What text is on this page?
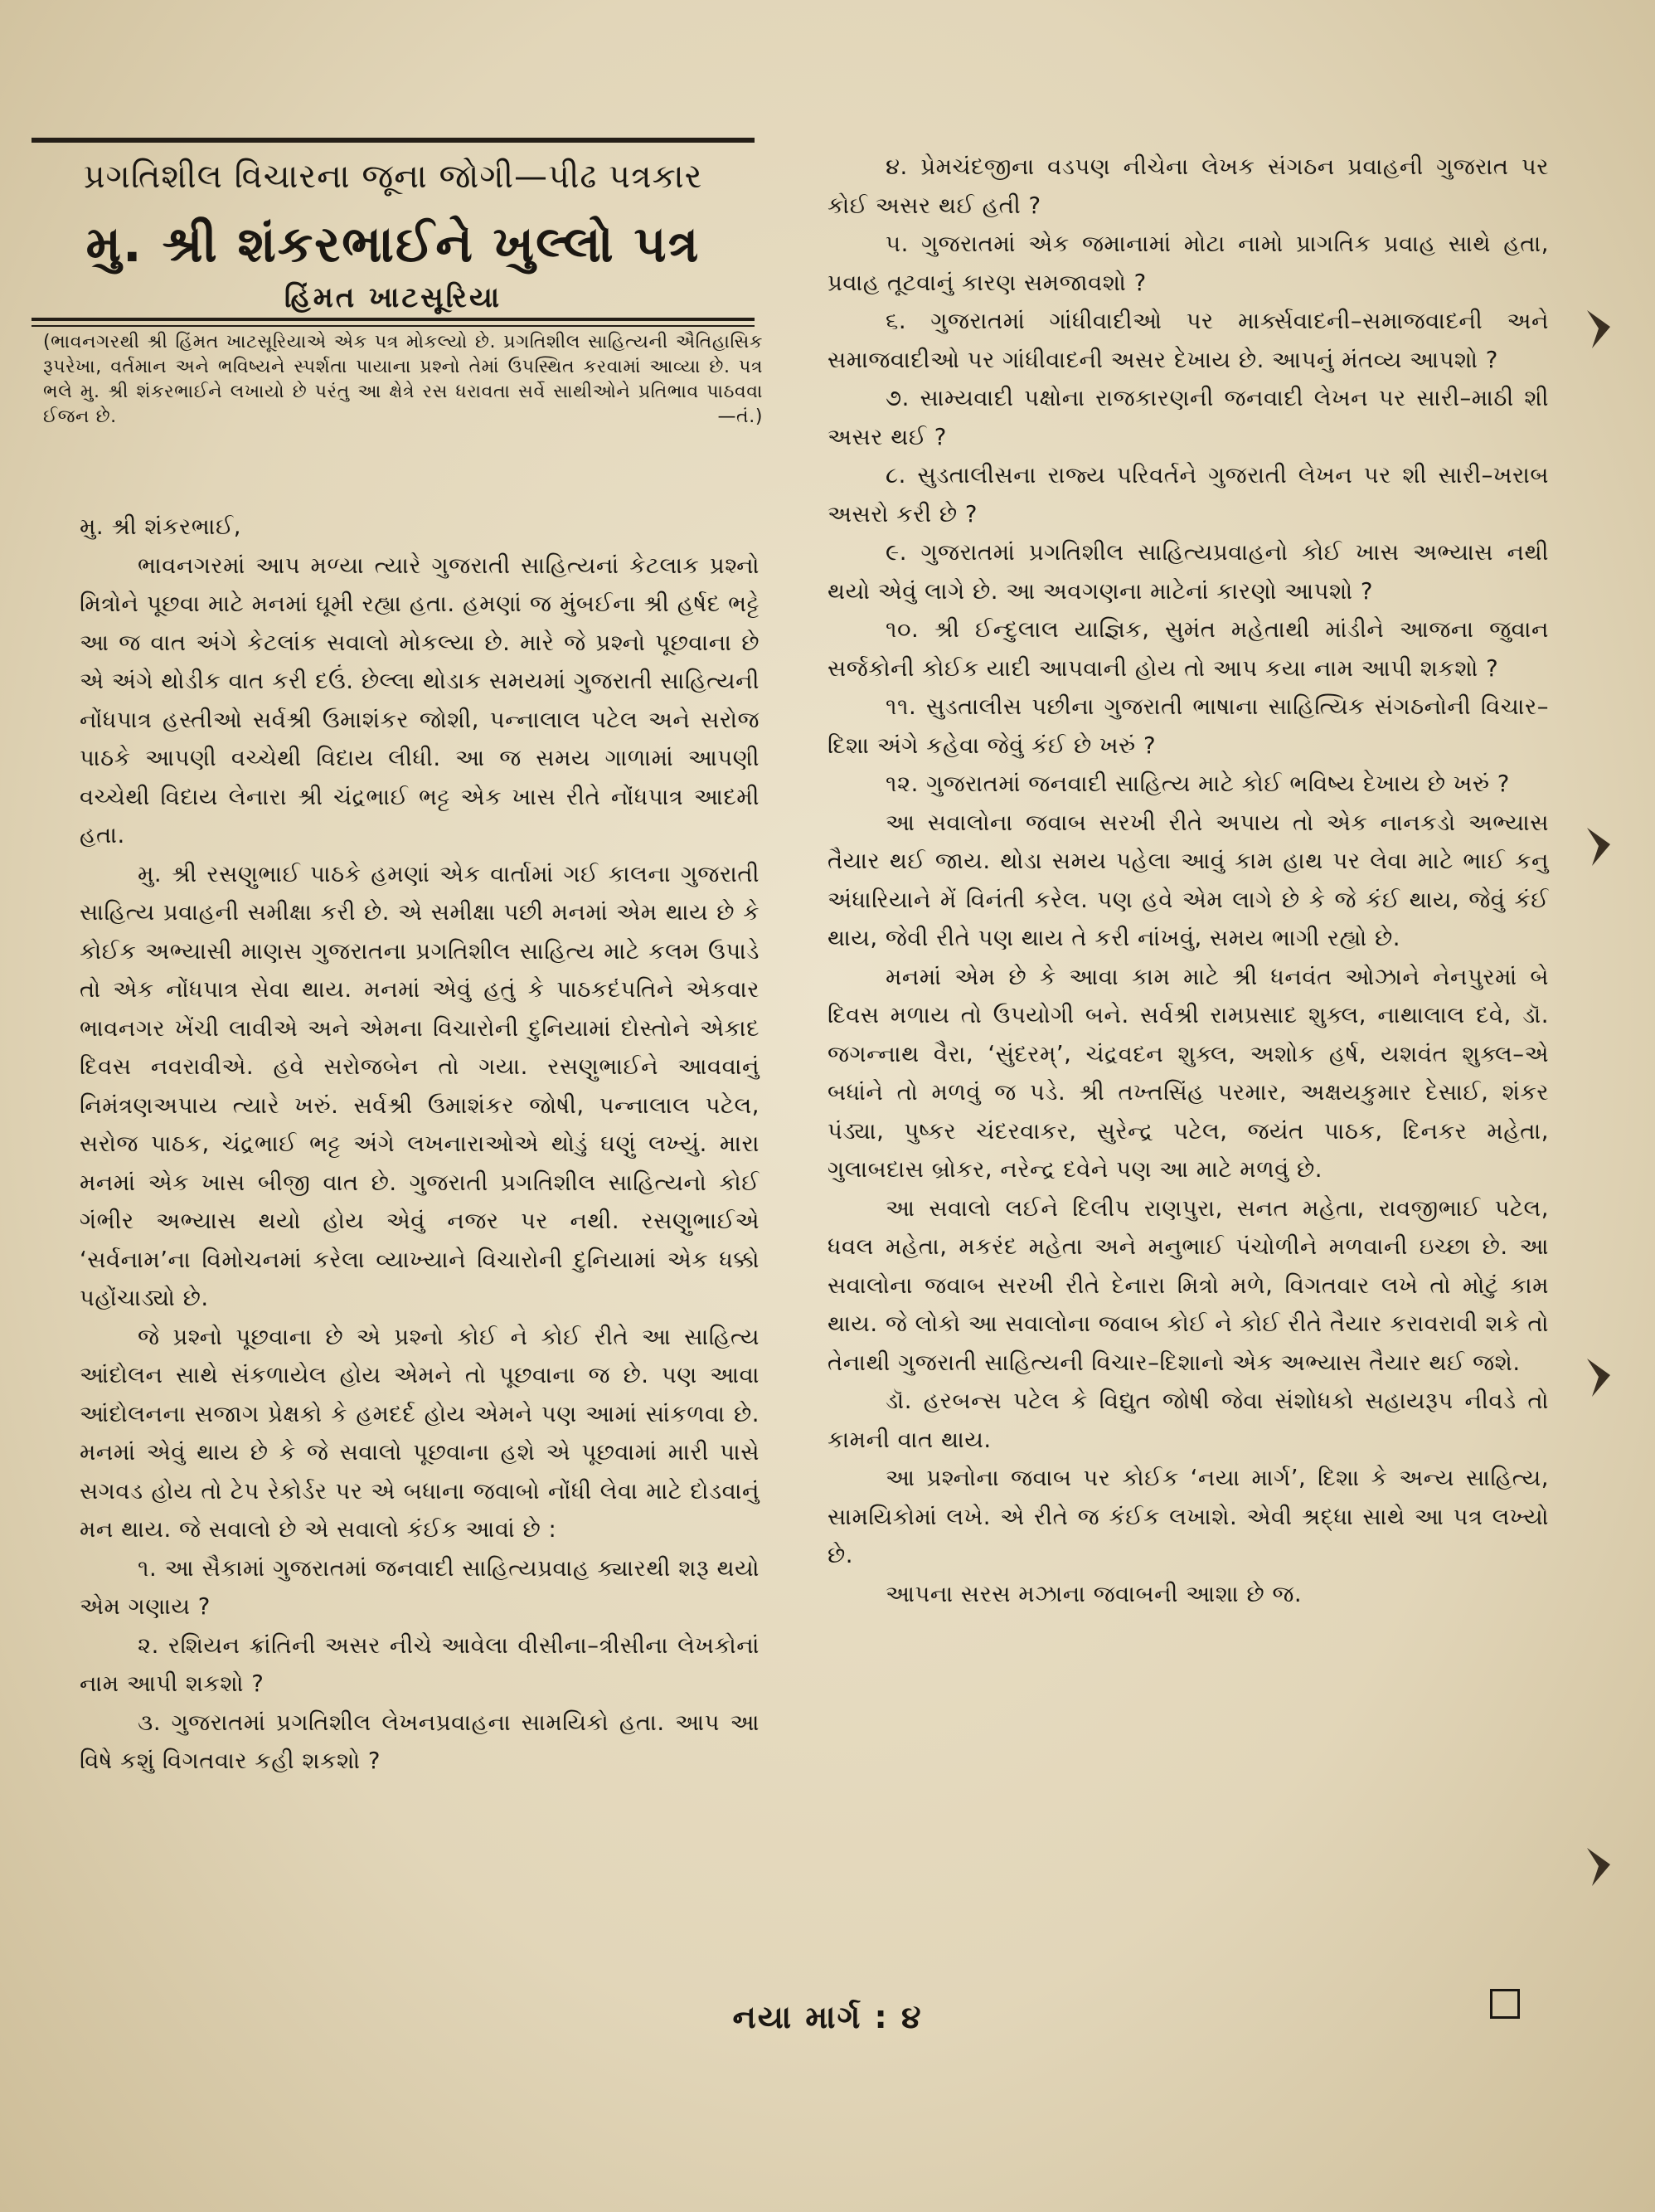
પ્રગતિશીલ વિચારના જૂના જોગી—પીઢ પત્રકાર
મુ. શ્રી શંકરભાઈને ખુલ્લો પત્ર
હિંમત ખાટસૂરિયા
(ભાવનગરથી શ્રી હિંમત ખાટસૂરિયાએ એક પત્ર મોકલ્યો છે. પ્રગતિશીલ સાહિત્યની ઐતિહાસિક રૂપરેખા, વર્તમાન અને ભવિષ્યને સ્પર્શતા પાયાના પ્રશ્નો તેમાં ઉપસ્થિત કરવામાં આવ્યા છે. પત્ર ભલે મુ. શ્રી શંકરભાઈને લખાયો છે પરંતુ આ ક્ષેત્રે રસ ધરાવતા સર્વે સાથીઓને પ્રતિભાવ પાઠવવા ઈજન છે.	—તં.)

મુ. શ્રી શંકરભાઈ,

ભાવનગરમાં આપ મળ્યા ત્યારે ગુજરાતી સાહિત્યનાં કેટલાક પ્રશ્નો મિત્રોને પૂછવા માટે મનમાં ઘૂમી રહ્યા હતા. હમણાં જ મુંબઈના શ્રી હર્ષદ ભટ્ટે આ જ વાત અંગે કેટલાંક સવાલો મોકલ્યા છે. મારે જે પ્રશ્નો પૂછવાના છે એ અંગે થોડીક વાત કરી દઉં. છેલ્લા થોડાક સમયમાં ગુજરાતી સાહિત્યની નોંધપાત્ર હસ્તીઓ સર્વશ્રી ઉમાશંકર જોશી, પન્નાલાલ પટેલ અને સરોજ પાઠકે આપણી વચ્ચેથી વિદાય લીધી. આ જ સમય ગાળામાં આપણી વચ્ચેથી વિદાય લેનારા શ્રી ચંદ્રભાઈ ભટ્ટ એક ખાસ રીતે નોંધપાત્ર આદમી હતા.

મુ. શ્રી રસણુભાઈ પાઠકે હમણાં એક વાર્તામાં ગઈ કાલના ગુજરાતી સાહિત્ય પ્રવાહની સમીક્ષા કરી છે. એ સમીક્ષા પછી મનમાં એમ થાય છે કે કોઈક અભ્યાસી માણસ ગુજરાતના પ્રગતિશીલ સાહિત્ય માટે કલમ ઉપાડે તો એક નોંધપાત્ર સેવા થાય. મનમાં એવું હતું કે પાઠકદંપતિને એકવાર ભાવનગર ખેંચી લાવીએ અને એમના વિચારોની દુનિયામાં દોસ્તોને એકાદ દિવસ નવરાવીએ. હવે સરોજબેન તો ગયા. રસણુભાઈને આવવાનું નિમંત્રણઅપાય ત્યારે ખરું. સર્વશ્રી ઉમાશંકર જોષી, પન્નાલાલ પટેલ, સરોજ પાઠક, ચંદ્રભાઈ ભટ્ટ અંગે લખનારાઓએ થોડું ઘણું લખ્યું. મારા મનમાં એક ખાસ બીજી વાત છે. ગુજરાતી પ્રગતિશીલ સાહિત્યનો કોઈ ગંભીર અભ્યાસ થયો હોય એવું નજર પર નથી. રસણુભાઈએ ‘સર્વનામ’ના વિમોચનમાં કરેલા વ્યાખ્યાને વિચારોની દુનિયામાં એક ધક્કો પહોંચાડ્યો છે.

જે પ્રશ્નો પૂછવાના છે એ પ્રશ્નો કોઈ ને કોઈ રીતે આ સાહિત્ય આંદોલન સાથે સંકળાયેલ હોય એમને તો પૂછવાના જ છે. પણ આવા આંદોલનના સજાગ પ્રેક્ષકો કે હમદર્દ હોય એમને પણ આમાં સાંકળવા છે. મનમાં એવું થાય છે કે જે સવાલો પૂછવાના હશે એ પૂછવામાં મારી પાસે સગવડ હોય તો ટેપ રેકોર્ડર પર એ બધાના જવાબો નોંધી લેવા માટે દોડવાનું મન થાય. જે સવાલો છે એ સવાલો કંઈક આવાં છે :

૧. આ સૈકામાં ગુજરાતમાં જનવાદી સાહિત્યપ્રવાહ ક્યારથી શરૂ થયો એમ ગણાય ?

૨. રશિયન ક્રાંતિની અસર નીચે આવેલા વીસીના–ત્રીસીના લેખકોનાં નામ આપી શકશો ?

૩. ગુજરાતમાં પ્રગતિશીલ લેખનપ્રવાહના સામયિકો હતા. આપ આ વિષે કશું વિગતવાર કહી શકશો ?

૪. પ્રેમચંદજીના વડપણ નીચેના લેખક સંગઠન પ્રવાહની ગુજરાત પર કોઈ અસર થઈ હતી ?

૫. ગુજરાતમાં એક જમાનામાં મોટા નામો પ્રાગતિક પ્રવાહ સાથે હતા, પ્રવાહ તૂટવાનું કારણ સમજાવશો ?

૬. ગુજરાતમાં ગાંધીવાદીઓ પર માર્ક્સવાદની–સમાજવાદની અને સમાજવાદીઓ પર ગાંધીવાદની અસર દેખાય છે. આપનું મંતવ્ય આપશો ?

૭. સામ્યવાદી પક્ષોના રાજકારણની જનવાદી લેખન પર સારી–માઠી શી અસર થઈ ?

૮. સુડતાલીસના રાજ્ય પરિવર્તને ગુજરાતી લેખન પર શી સારી–ખરાબ અસરો કરી છે ?

૯. ગુજરાતમાં પ્રગતિશીલ સાહિત્યપ્રવાહનો કોઈ ખાસ અભ્યાસ નથી થયો એવું લાગે છે. આ અવગણના માટેનાં કારણો આપશો ?

૧૦. શ્રી ઈન્દુલાલ યાજ્ઞિક, સુમંત મહેતાથી માંડીને આજના જુવાન સર્જકોની કોઈક યાદી આપવાની હોય તો આપ કયા નામ આપી શકશો ?

૧૧. સુડતાલીસ પછીના ગુજરાતી ભાષાના સાહિત્યિક સંગઠનોની વિચાર–દિશા અંગે કહેવા જેવું કંઈ છે ખરું ?

૧૨. ગુજરાતમાં જનવાદી સાહિત્ય માટે કોઈ ભવિષ્ય દેખાય છે ખરું ?

આ સવાલોના જવાબ સરખી રીતે અપાય તો એક નાનકડો અભ્યાસ તૈયાર થઈ જાય. થોડા સમય પહેલા આવું કામ હાથ પર લેવા માટે ભાઈ કનુ અંધારિયાને મેં વિનંતી કરેલ. પણ હવે એમ લાગે છે કે જે કંઈ થાય, જેવું કંઈ થાય, જેવી રીતે પણ થાય તે કરી નાંખવું, સમય ભાગી રહ્યો છે.

મનમાં એમ છે કે આવા કામ માટે શ્રી ધનવંત ઓઝાને નેનપુરમાં બે દિવસ મળાય તો ઉપયોગી બને. સર્વશ્રી રામપ્રસાદ શુક્લ, નાથાલાલ દવે, ડૉ. જગન્નાથ વૈરા, ‘સુંદરમ્’, ચંદ્રવદન શુક્લ, અશોક હર્ષ, યશવંત શુક્લ–એ બધાંને તો મળવું જ પડે. શ્રી તખ્તસિંહ પરમાર, અક્ષયકુમાર દેસાઈ, શંકર પંડ્યા, પુષ્કર ચંદરવાકર, સુરેન્દ્ર પટેલ, જયંત પાઠક, દિનકર મહેતા, ગુલાબદાસ બ્રોકર, નરેન્દ્ર દવેને પણ આ માટે મળવું છે.

આ સવાલો લઈને દિલીપ રાણપુરા, સનત મહેતા, રાવજીભાઈ પટેલ, ધવલ મહેતા, મકરંદ મહેતા અને મનુભાઈ પંચોળીને મળવાની ઇચ્છા છે. આ સવાલોના જવાબ સરખી રીતે દેનારા મિત્રો મળે, વિગતવાર લખે તો મોટું કામ થાય. જે લોકો આ સવાલોના જવાબ કોઈ ને કોઈ રીતે તૈયાર કરાવરાવી શકે તો તેનાથી ગુજરાતી સાહિત્યની વિચાર–દિશાનો એક અભ્યાસ તૈયાર થઈ જશે.

ડૉ. હરબન્સ પટેલ કે વિદ્યુત જોષી જેવા સંશોધકો સહાયરૂપ નીવડે તો કામની વાત થાય.

આ પ્રશ્નોના જવાબ પર કોઈક ‘નયા માર્ગ’, દિશા કે અન્ય સાહિત્ય, સામયિકોમાં લખે. એ રીતે જ કંઈક લખાશે. એવી શ્રદ્ધા સાથે આ પત્ર લખ્યો છે.

આપના સરસ મઝાના જવાબની આશા છે જ.

નયા માર્ગ : ૪
